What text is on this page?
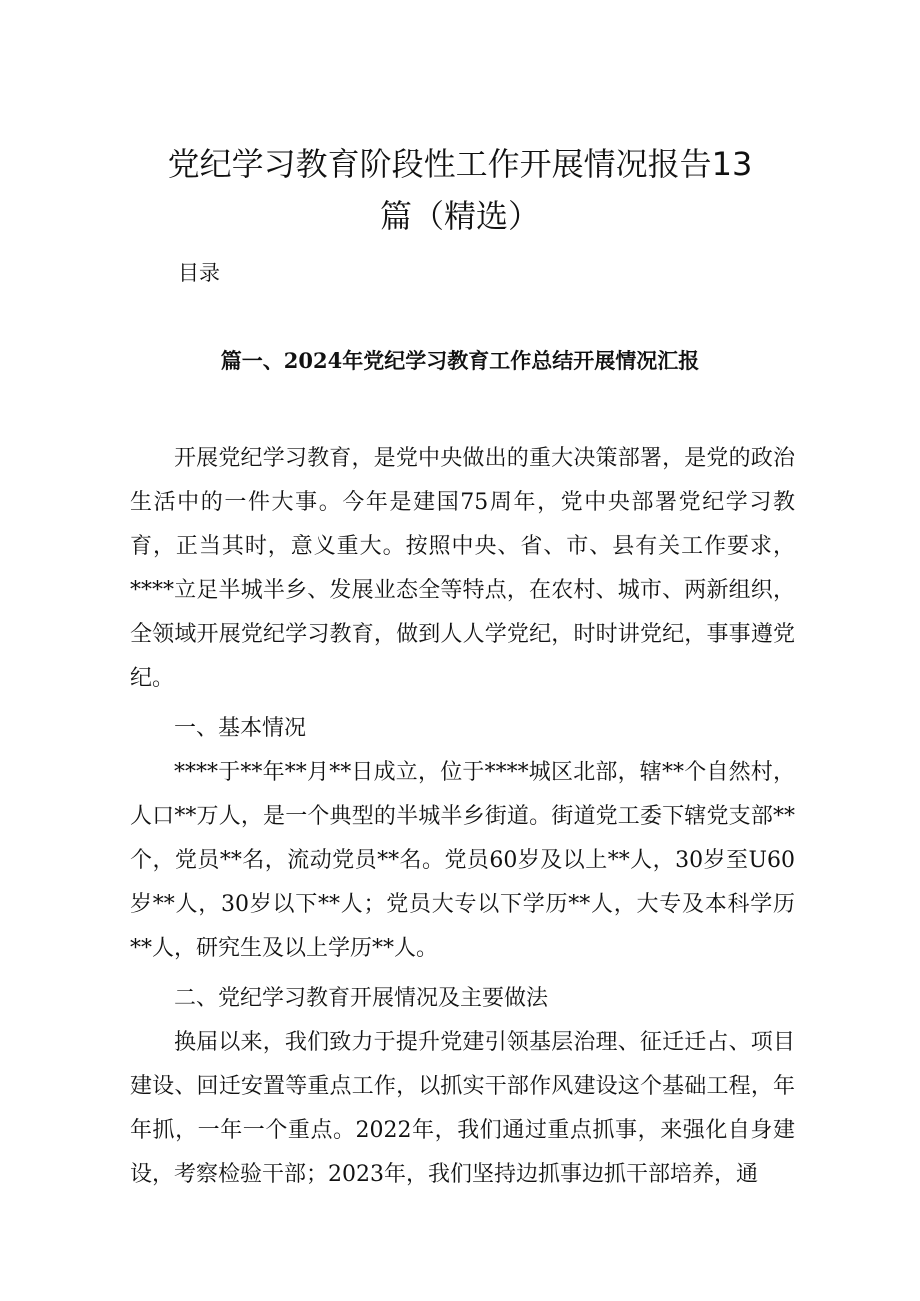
党纪学习教育阶段性工作开展情况报告13
篇（精选）
目录
篇一、2024年党纪学习教育工作总结开展情况汇报

开展党纪学习教育，是党中央做出的重大决策部署，是党的政治生活中的一件大事。今年是建国75周年，党中央部署党纪学习教育，正当其时，意义重大。按照中央、省、市、县有关工作要求，****立足半城半乡、发展业态全等特点，在农村、城市、两新组织，全领域开展党纪学习教育，做到人人学党纪，时时讲党纪，事事遵党纪。

一、基本情况

****于**年**月**日成立，位于****城区北部，辖**个自然村，人口**万人，是一个典型的半城半乡街道。街道党工委下辖党支部**个，党员**名，流动党员**名。党员60岁及以上**人，30岁至U60岁**人，30岁以下**人；党员大专以下学历**人，大专及本科学历**人，研究生及以上学历**人。

二、党纪学习教育开展情况及主要做法

换届以来，我们致力于提升党建引领基层治理、征迁迁占、项目建设、回迁安置等重点工作，以抓实干部作风建设这个基础工程，年年抓，一年一个重点。2022年，我们通过重点抓事，来强化自身建设，考察检验干部；2023年，我们坚持边抓事边抓干部培养，通
